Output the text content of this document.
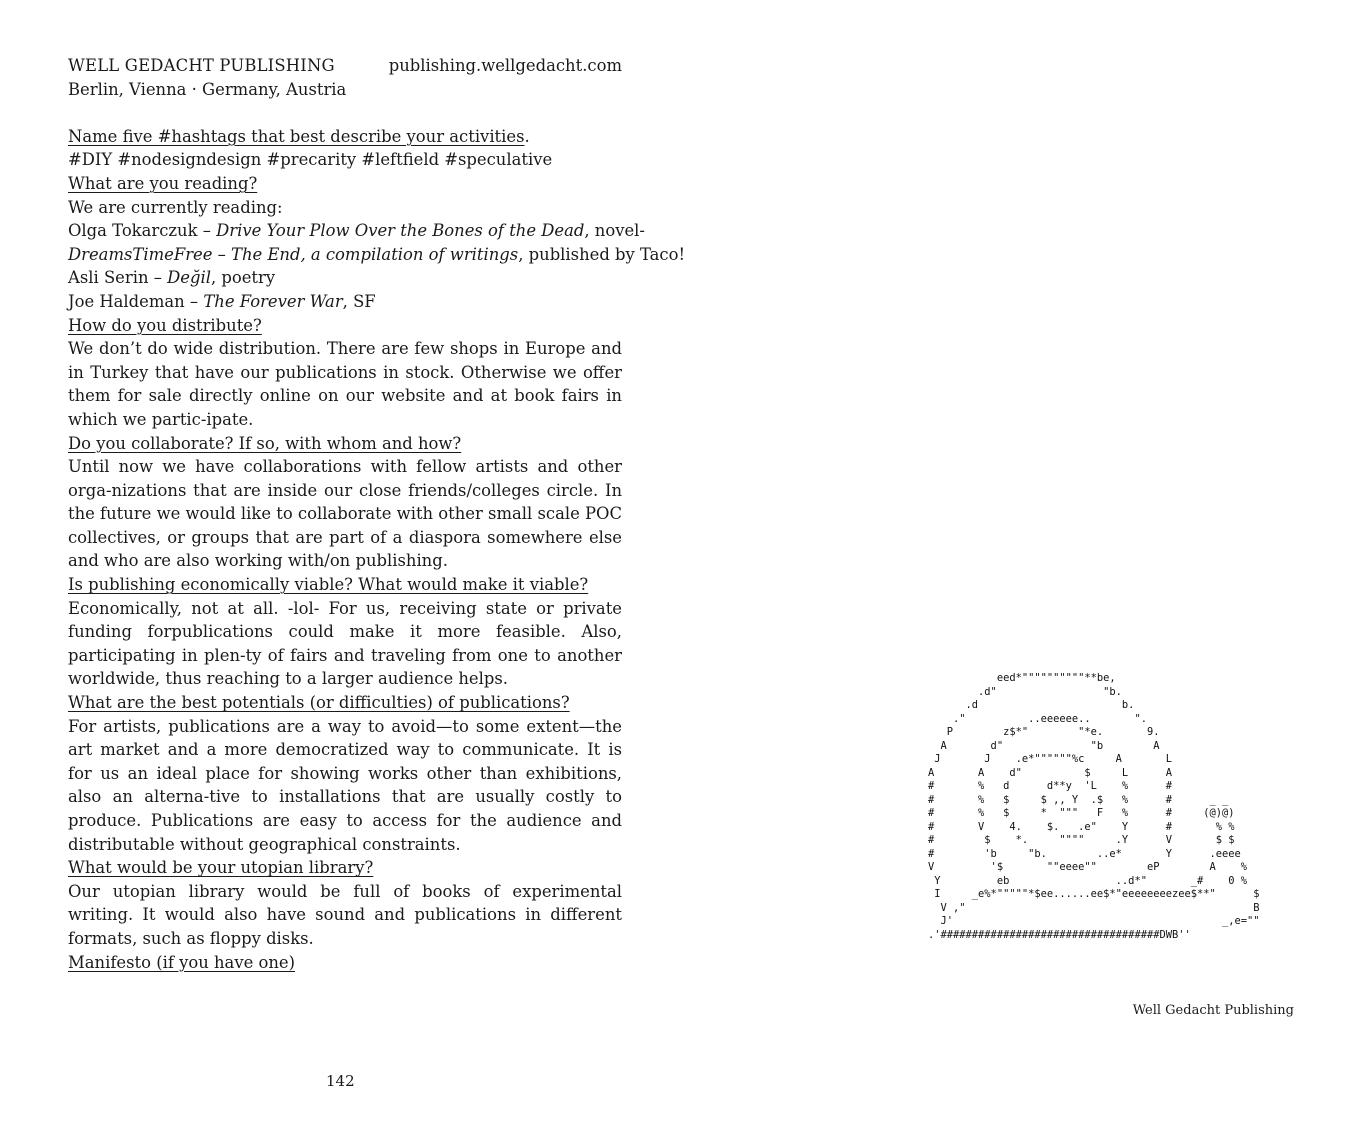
WELL GEDACHT PUBLISHING	publishing.wellgedacht.com
Berlin, Vienna · Germany, Austria
Name five #hashtags that best describe your activities.
#DIY #nodesigndesign #precarity #leftfield #speculative
What are you reading?
We are currently reading:
Olga Tokarczuk – Drive Your Plow Over the Bones of the Dead, novel-
DreamsTimeFree – The End, a compilation of writings, published by Taco!
Asli Serin – Değil, poetry
Joe Haldeman – The Forever War, SF
How do you distribute?
We don’t do wide distribution. There are few shops in Europe and in Turkey that have our publications in stock. Otherwise we offer them for sale directly online on our website and at book fairs in which we partic-ipate.
Do you collaborate? If so, with whom and how?
Until now we have collaborations with fellow artists and other orga-nizations that are inside our close friends/colleges circle. In the future we would like to collaborate with other small scale POC collectives, or groups that are part of a diaspora somewhere else and who are also working with/on publishing.
Is publishing economically viable? What would make it viable?
Economically, not at all. -lol- For us, receiving state or private funding forpublications could make it more feasible. Also, participating in plen-ty of fairs and traveling from one to another worldwide, thus reaching to a larger audience helps.
What are the best potentials (or difficulties) of publications?
For artists, publications are a way to avoid—to some extent—the art market and a more democratized way to communicate. It is for us an ideal place for showing works other than exhibitions, also an alterna-tive to installations that are usually costly to produce. Publications are easy to access for the audience and distributable without geographical constraints.
What would be your utopian library?
Our utopian library would be full of books of experimental writing. It would also have sound and publications in different formats, such as floppy disks.
Manifesto (if you have one)
142
eed*""""""""""**be,
.d"                 "b.
.d                       b.
."          ..eeeeee..       ".
P        z$*"        "*e.       9.
A       d"              "b        A
J       J    .e*""""""%c     A       L
A       A    d"          $     L      A
#       %   d      d**y  'L    %      #
#       %   $     $ ,, Y  .$   %      #      _ _
#       %   $     *  """   F   %      #     (@)@)
#       V    4.    $.   .e"    Y      #       % %
#        $    *.     """"     .Y      V       $ $
#        'b     "b.        ..e*       Y      .eeee
V         '$       ""eeee""        eP        A    %
Y         eb                 ..d*"       _#    0 %
I     _e%*"""""*$ee......ee$*"eeeeeeeezee$**"      $
V ,"                                              B
J'                                           _,e=""
.'###################################DWB''
Well Gedacht Publishing
